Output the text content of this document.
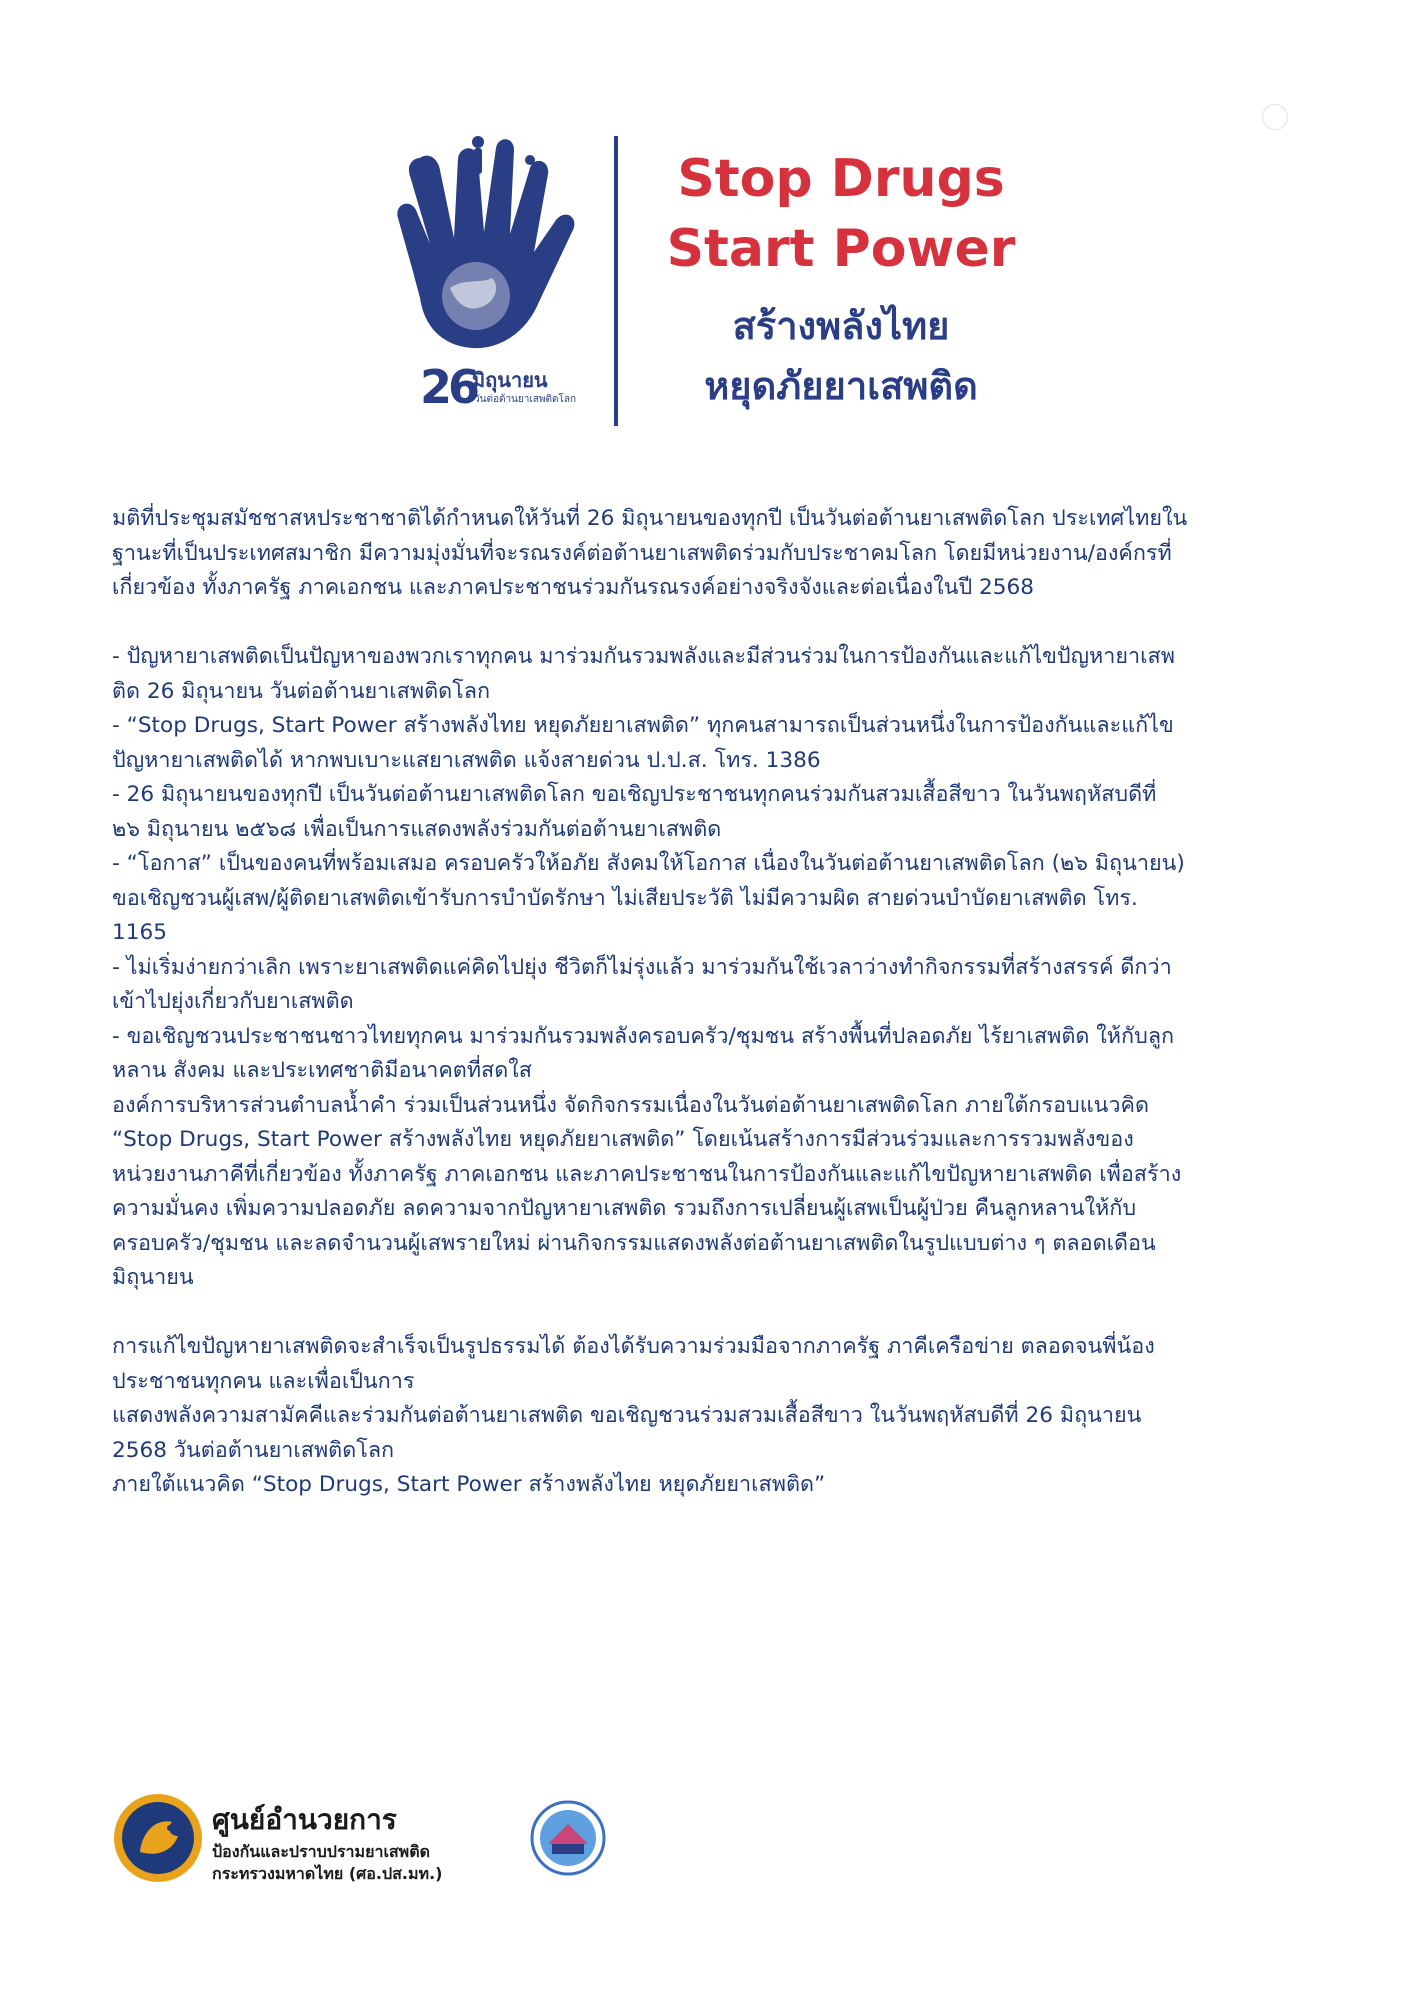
26
มิถุนายน
วันต่อต้านยาเสพติดโลก
Stop Drugs
Start Power
สร้างพลังไทย
หยุดภัยยาเสพติด

มติที่ประชุมสมัชชาสหประชาชาติได้กำหนดให้วันที่ 26 มิถุนายนของทุกปี เป็นวันต่อต้านยาเสพติดโลก ประเทศไทยใน

ฐานะที่เป็นประเทศสมาชิก มีความมุ่งมั่นที่จะรณรงค์ต่อต้านยาเสพติดร่วมกับประชาคมโลก โดยมีหน่วยงาน/องค์กรที่

เกี่ยวข้อง ทั้งภาครัฐ ภาคเอกชน และภาคประชาชนร่วมกันรณรงค์อย่างจริงจังและต่อเนื่องในปี 2568

- ปัญหายาเสพติดเป็นปัญหาของพวกเราทุกคน มาร่วมกันรวมพลังและมีส่วนร่วมในการป้องกันและแก้ไขปัญหายาเสพ

ติด 26 มิถุนายน วันต่อต้านยาเสพติดโลก

- “Stop Drugs, Start Power สร้างพลังไทย หยุดภัยยาเสพติด” ทุกคนสามารถเป็นส่วนหนึ่งในการป้องกันและแก้ไข

ปัญหายาเสพติดได้ หากพบเบาะแสยาเสพติด แจ้งสายด่วน ป.ป.ส. โทร. 1386

- 26 มิถุนายนของทุกปี เป็นวันต่อต้านยาเสพติดโลก ขอเชิญประชาชนทุกคนร่วมกันสวมเสื้อสีขาว ในวันพฤหัสบดีที่

๒๖ มิถุนายน ๒๕๖๘ เพื่อเป็นการแสดงพลังร่วมกันต่อต้านยาเสพติด

- “โอกาส” เป็นของคนที่พร้อมเสมอ ครอบครัวให้อภัย สังคมให้โอกาส เนื่องในวันต่อต้านยาเสพติดโลก (๒๖ มิถุนายน)

ขอเชิญชวนผู้เสพ/ผู้ติดยาเสพติดเข้ารับการบำบัดรักษา ไม่เสียประวัติ ไม่มีความผิด สายด่วนบำบัดยาเสพติด โทร.

1165

- ไม่เริ่มง่ายกว่าเลิก เพราะยาเสพติดแค่คิดไปยุ่ง ชีวิตก็ไม่รุ่งแล้ว มาร่วมกันใช้เวลาว่างทำกิจกรรมที่สร้างสรรค์ ดีกว่า

เข้าไปยุ่งเกี่ยวกับยาเสพติด

- ขอเชิญชวนประชาชนชาวไทยทุกคน มาร่วมกันรวมพลังครอบครัว/ชุมชน สร้างพื้นที่ปลอดภัย ไร้ยาเสพติด ให้กับลูก

หลาน สังคม และประเทศชาติมีอนาคตที่สดใส

องค์การบริหารส่วนตำบลน้ำคำ ร่วมเป็นส่วนหนึ่ง จัดกิจกรรมเนื่องในวันต่อต้านยาเสพติดโลก ภายใต้กรอบแนวคิด

“Stop Drugs, Start Power สร้างพลังไทย หยุดภัยยาเสพติด” โดยเน้นสร้างการมีส่วนร่วมและการรวมพลังของ

หน่วยงานภาคีที่เกี่ยวข้อง ทั้งภาครัฐ ภาคเอกชน และภาคประชาชนในการป้องกันและแก้ไขปัญหายาเสพติด เพื่อสร้าง

ความมั่นคง เพิ่มความปลอดภัย ลดความจากปัญหายาเสพติด รวมถึงการเปลี่ยนผู้เสพเป็นผู้ป่วย คืนลูกหลานให้กับ

ครอบครัว/ชุมชน และลดจำนวนผู้เสพรายใหม่ ผ่านกิจกรรมแสดงพลังต่อต้านยาเสพติดในรูปแบบต่าง ๆ ตลอดเดือน

มิถุนายน

การแก้ไขปัญหายาเสพติดจะสำเร็จเป็นรูปธรรมได้ ต้องได้รับความร่วมมือจากภาครัฐ ภาคีเครือข่าย ตลอดจนพี่น้อง

ประชาชนทุกคน และเพื่อเป็นการ

แสดงพลังความสามัคคีและร่วมกันต่อต้านยาเสพติด ขอเชิญชวนร่วมสวมเสื้อสีขาว ในวันพฤหัสบดีที่ 26 มิถุนายน

2568 วันต่อต้านยาเสพติดโลก

ภายใต้แนวคิด “Stop Drugs, Start Power สร้างพลังไทย หยุดภัยยาเสพติด”

ศูนย์อำนวยการ
ป้องกันและปราบปรามยาเสพติด
กระทรวงมหาดไทย (ศอ.ปส.มท.)
